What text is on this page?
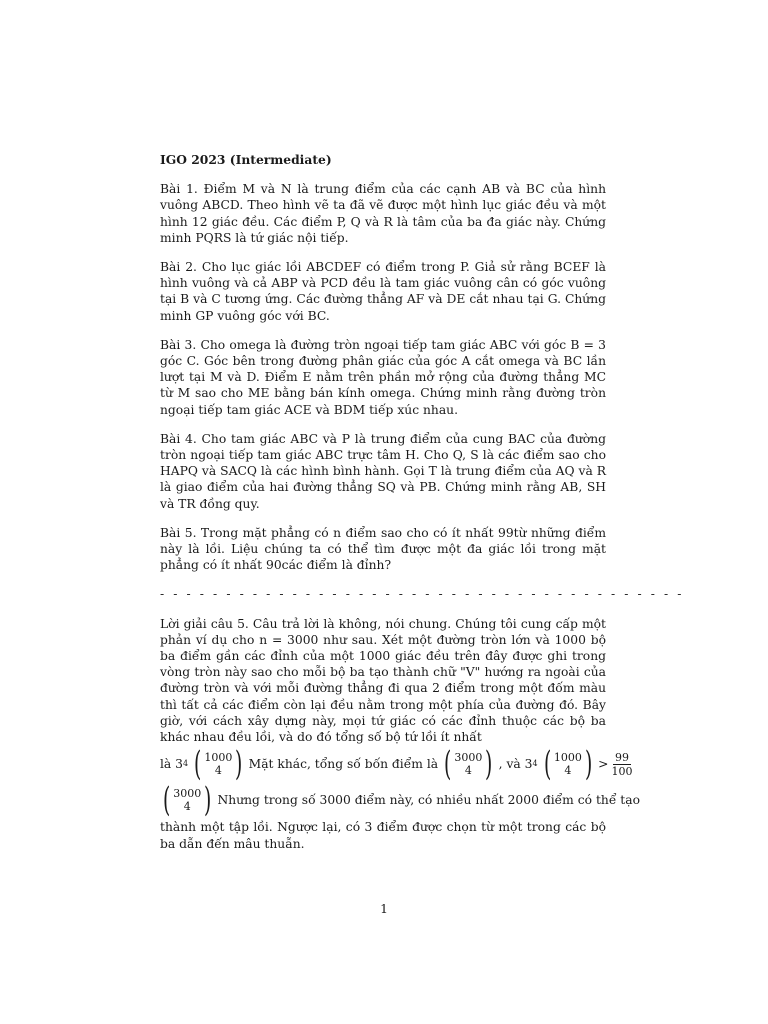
IGO 2023 (Intermediate)

Bài 1. Điểm M và N là trung điểm của các cạnh AB và BC của hình vuông ABCD. Theo hình vẽ ta đã vẽ được một hình lục giác đều và một hình 12 giác đều. Các điểm P, Q và R là tâm của ba đa giác này. Chứng minh PQRS là tứ giác nội tiếp.

Bài 2. Cho lục giác lồi ABCDEF có điểm trong P. Giả sử rằng BCEF là hình vuông và cả ABP và PCD đều là tam giác vuông cân có góc vuông tại B và C tương ứng. Các đường thẳng AF và DE cắt nhau tại G. Chứng minh GP vuông góc với BC.

Bài 3. Cho omega là đường tròn ngoại tiếp tam giác ABC với góc B = 3 góc C. Góc bên trong đường phân giác của góc A cắt omega và BC lần lượt tại M và D. Điểm E nằm trên phần mở rộng của đường thẳng MC từ M sao cho ME bằng bán kính omega. Chứng minh rằng đường tròn ngoại tiếp tam giác ACE và BDM tiếp xúc nhau.

Bài 4. Cho tam giác ABC và P là trung điểm của cung BAC của đường tròn ngoại tiếp tam giác ABC trực tâm H. Cho Q, S là các điểm sao cho HAPQ và SACQ là các hình bình hành. Gọi T là trung điểm của AQ và R là giao điểm của hai đường thẳng SQ và PB. Chứng minh rằng AB, SH và TR đồng quy.

Bài 5. Trong mặt phẳng có n điểm sao cho có ít nhất 99từ những điểm này là lồi. Liệu chúng ta có thể tìm được một đa giác lồi trong mặt phẳng có ít nhất 90các điểm là đỉnh?

- - - - - - - - - - - - - - - - - - - - - - - - - - - - - - - - - - - - - - - -
Lời giải câu 5. Câu trả lời là không, nói chung. Chúng tôi cung cấp một phản ví dụ cho n = 3000 như sau. Xét một đường tròn lớn và 1000 bộ ba điểm gần các đỉnh của một 1000 giác đều trên đây được ghi trong vòng tròn này sao cho mỗi bộ ba tạo thành chữ "V" hướng ra ngoài của đường tròn và với mỗi đường thẳng đi qua 2 điểm trong một đốm màu thì tất cả các điểm còn lại đều nằm trong một phía của đường đó. Bây giờ, với cách xây dựng này, mọi tứ giác có các đỉnh thuộc các bộ ba khác nhau đều lồi, và do đó tổng số bộ tứ lồi ít nhất
là 3 4 ( 1000
4 ) Mặt khác, tổng số bốn điểm là ( 3000
4 ) , và 3 4 ( 1000
4 ) > $\frac{99}{100}$
( 3000
4 ) Nhưng trong số 3000 điểm này, có nhiều nhất 2000 điểm có thể tạo
thành một tập lồi. Ngược lại, có 3 điểm được chọn từ một trong các bộ ba dẫn đến mâu thuẫn.
1
